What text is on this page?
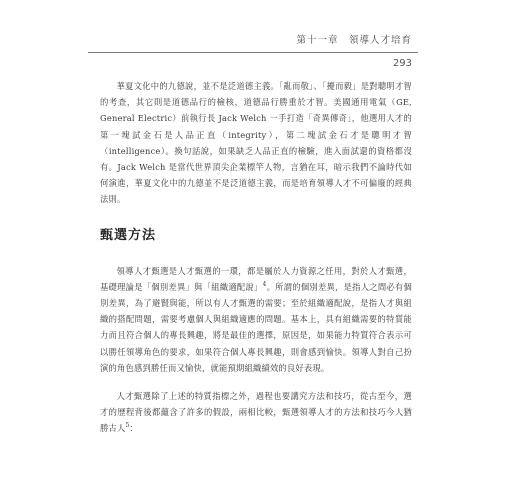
第十一章　領導人才培育
293

華夏文化中的九德說，並不是泛道德主義。「亂而敬」、「擾而毅」是對聰明才智的考查，其它則是道德品行的檢核，道德品行勝重於才智。美國通用電氣（GE, General Electric）前執行長 Jack Welch 一手打造「奇異傳奇」，他選用人才的第一塊試金石是人品正直（integrity），第二塊試金石才是聰明才智（intelligence）。換句話說，如果缺乏人品正直的檢驗，進入面試還的資格都沒有。Jack Welch 是當代世界頂尖企業標竿人物，言猶在耳，暗示我們不論時代如何演進，華夏文化中的九德並不是泛道德主義，而是培育領導人才不可偏廢的經典法則。

甄選方法

領導人才甄選是人才甄選的一環，都是屬於人力資源之任用，對於人才甄選，基礎理論是「個別差異」與「組織適配說」$^4$。所謂的個別差異，是指人之間必有個別差異，為了避賢與能，所以有人才甄選的需要；至於組織適配說，是指人才與組織的搭配問題，需要考慮個人與組織適應的問題。基本上，具有組織需要的特質能力而且符合個人的專長興趣，將是最佳的選擇，原因是，如果能力特質符合表示可以勝任領導角色的要求，如果符合個人專長興趣，則會感到愉快。領導人對自己扮演的角色感到勝任而又愉快，就能預期組織績效的良好表現。

人才甄選除了上述的特質指標之外，過程也要講究方法和技巧，從古至今，選才的歷程背後都蘊含了許多的假設，兩相比較，甄選領導人才的方法和技巧今人猶勝古人$^5$：
